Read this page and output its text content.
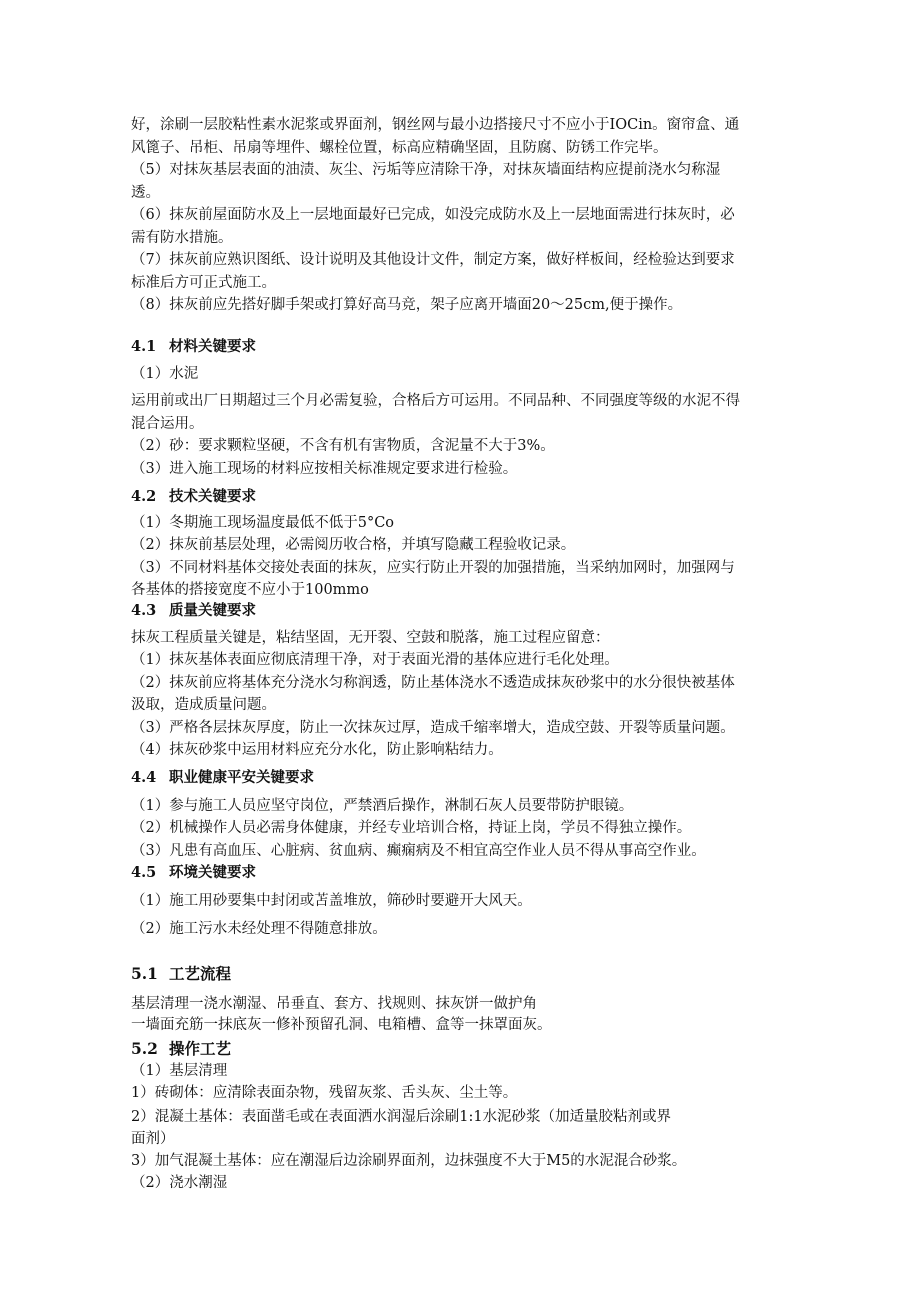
好，涂刷一层胶粘性素水泥浆或界面剂，钢丝网与最小边搭接尺寸不应小于IOCin。窗帘盒、通
风篦子、吊柜、吊扇等埋件、螺栓位置，标高应精确坚固，且防腐、防锈工作完毕。
（5）对抹灰基层表面的油渍、灰尘、污垢等应清除干净，对抹灰墙面结构应提前浇水匀称湿
透。
（6）抹灰前屋面防水及上一层地面最好已完成，如没完成防水及上一层地面需进行抹灰时，必
需有防水措施。
（7）抹灰前应熟识图纸、设计说明及其他设计文件，制定方案，做好样板间，经检验达到要求
标准后方可正式施工。
（8）抹灰前应先搭好脚手架或打算好高马竞，架子应离开墙面20～25cm,便于操作。
4.1 材料关键要求
（1）水泥
运用前或出厂日期超过三个月必需复验，合格后方可运用。不同品种、不同强度等级的水泥不得
混合运用。
（2）砂：要求颗粒坚硬，不含有机有害物质，含泥量不大于3%。
（3）进入施工现场的材料应按相关标准规定要求进行检验。
4.2 技术关键要求
（1）冬期施工现场温度最低不低于5°Co
（2）抹灰前基层处理，必需阅历收合格，并填写隐藏工程验收记录。
（3）不同材料基体交接处表面的抹灰，应实行防止开裂的加强措施，当采纳加网时，加强网与
各基体的搭接宽度不应小于100mmo
4.3 质量关键要求
抹灰工程质量关键是，粘结坚固，无开裂、空鼓和脱落，施工过程应留意：
（1）抹灰基体表面应彻底清理干净，对于表面光滑的基体应进行毛化处理。
（2）抹灰前应将基体充分浇水匀称润透，防止基体浇水不透造成抹灰砂浆中的水分很快被基体
汲取，造成质量问题。
（3）严格各层抹灰厚度，防止一次抹灰过厚，造成千缩率增大，造成空鼓、开裂等质量问题。
（4）抹灰砂浆中运用材料应充分水化，防止影响粘结力。
4.4 职业健康平安关键要求
（1）参与施工人员应坚守岗位，严禁酒后操作，淋制石灰人员要带防护眼镜。
（2）机械操作人员必需身体健康，并经专业培训合格，持证上岗，学员不得独立操作。
（3）凡患有高血压、心脏病、贫血病、癫痫病及不相宜高空作业人员不得从事高空作业。
4.5 环境关键要求
（1）施工用砂要集中封闭或苫盖堆放，筛砂时要避开大风天。
（2）施工污水未经处理不得随意排放。
5.1 工艺流程
基层清理一浇水潮湿、吊垂直、套方、找规则、抹灰饼一做护角
一墙面充筋一抹底灰一修补预留孔洞、电箱槽、盒等一抹罩面灰。
5.2 操作工艺
（1）基层清理
1）砖砌体：应清除表面杂物，残留灰浆、舌头灰、尘土等。
2）混凝土基体：表面凿毛或在表面洒水润湿后涂刷1:1水泥砂浆（加适量胶粘剂或界
面剂）
3）加气混凝土基体：应在潮湿后边涂刷界面剂，边抹强度不大于M5的水泥混合砂浆。
（2）浇水潮湿
